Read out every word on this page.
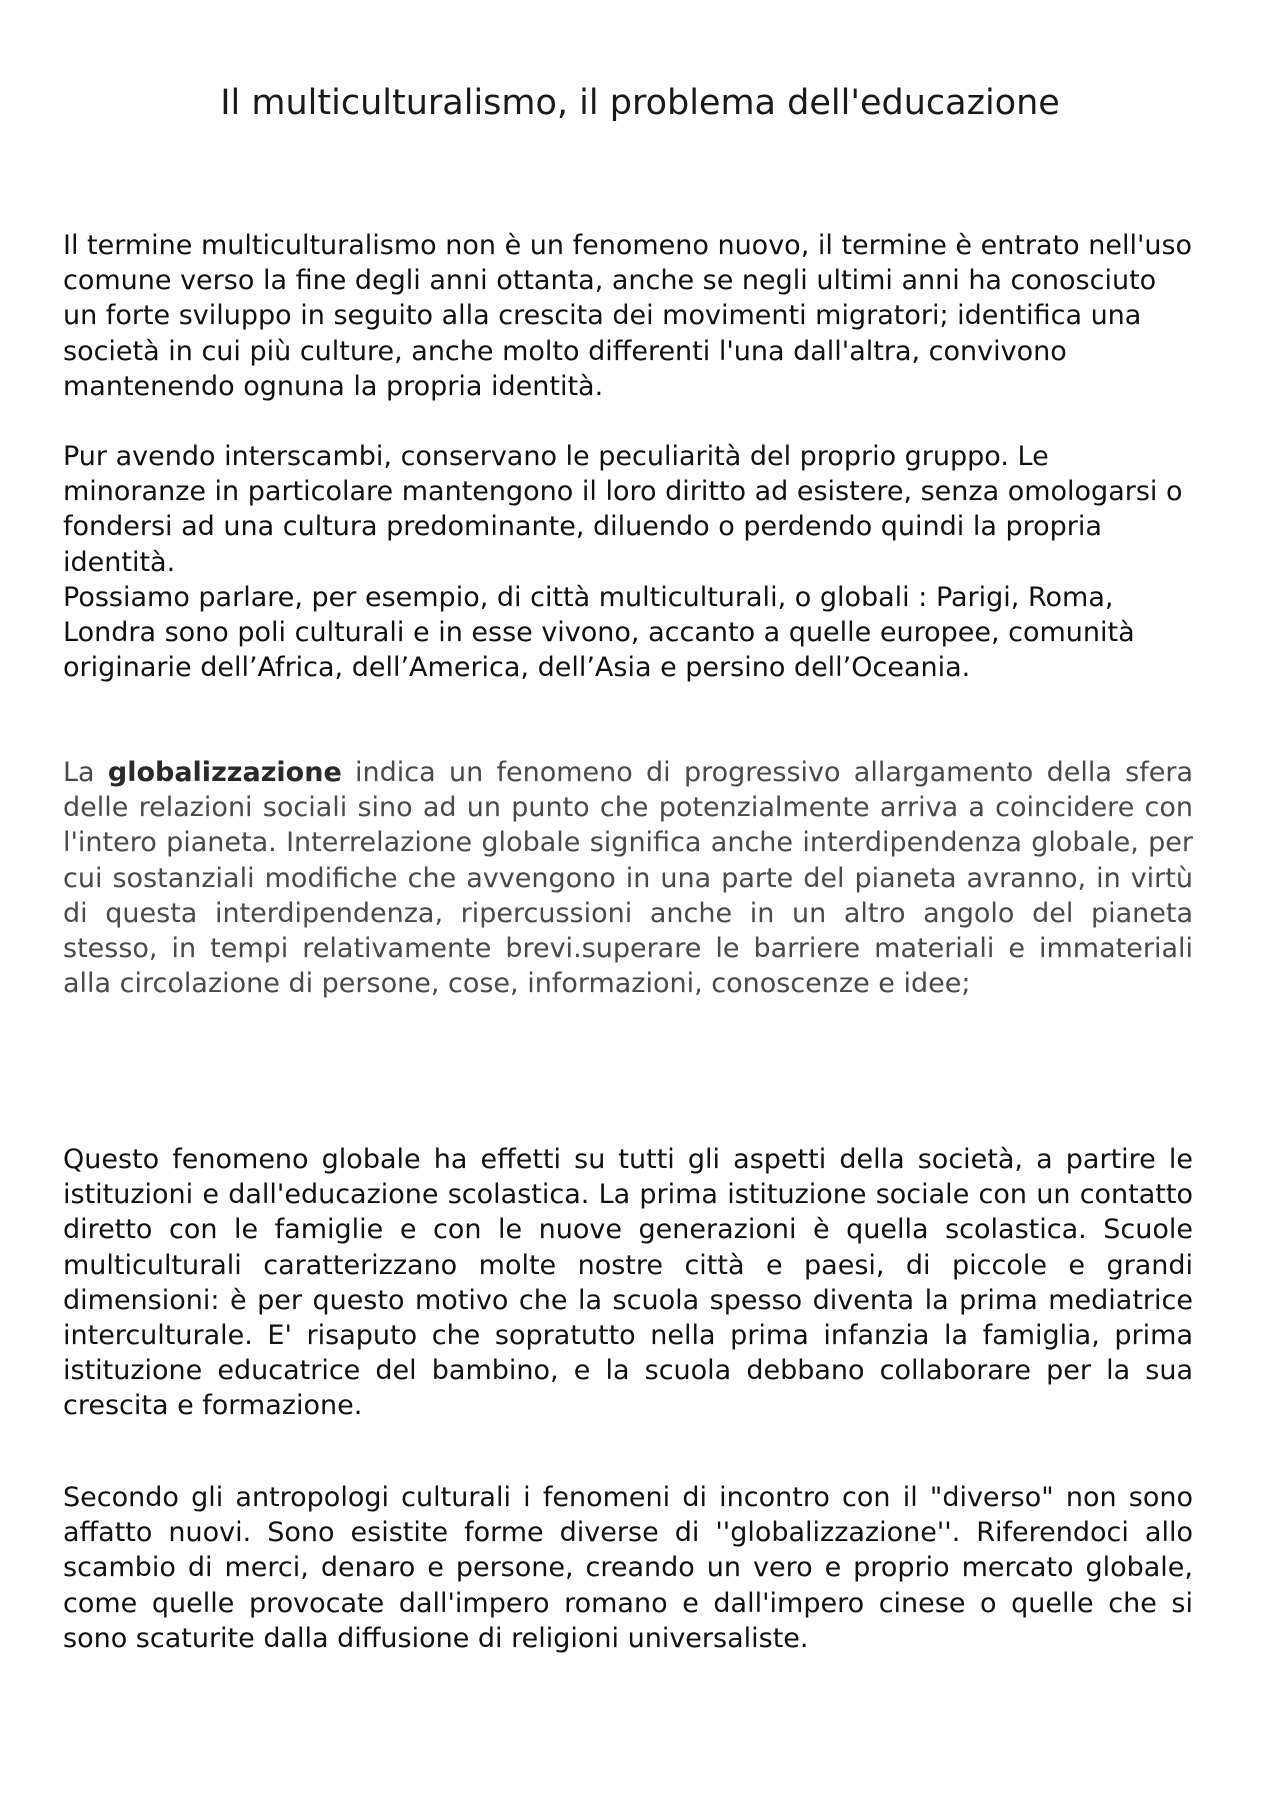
Il multiculturalismo, il problema dell'educazione

Il termine multiculturalismo non è un fenomeno nuovo, il termine è entrato nell'uso comune verso la fine degli anni ottanta, anche se negli ultimi anni ha conosciuto un forte sviluppo in seguito alla crescita dei movimenti migratori; identifica una società in cui più culture, anche molto differenti l'una dall'altra, convivono mantenendo ognuna la propria identità.

Pur avendo interscambi, conservano le peculiarità del proprio gruppo. Le minoranze in particolare mantengono il loro diritto ad esistere, senza omologarsi o fondersi ad una cultura predominante, diluendo o perdendo quindi la propria identità.
Possiamo parlare, per esempio, di città multiculturali, o globali : Parigi, Roma, Londra sono poli culturali e in esse vivono, accanto a quelle europee, comunità originarie dell’Africa, dell’America, dell’Asia e persino dell’Oceania.

La globalizzazione indica un fenomeno di progressivo allargamento della sfera delle relazioni sociali sino ad un punto che potenzialmente arriva a coincidere con l'intero pianeta. Interrelazione globale significa anche interdipendenza globale, per cui sostanziali modifiche che avvengono in una parte del pianeta avranno, in virtù di questa interdipendenza, ripercussioni anche in un altro angolo del pianeta stesso, in tempi relativamente brevi.superare le barriere materiali e immateriali alla circolazione di persone, cose, informazioni, conoscenze e idee;

Questo fenomeno globale ha effetti su tutti gli aspetti della società, a partire le istituzioni e dall'educazione scolastica. La prima istituzione sociale con un contatto diretto con le famiglie e con le nuove generazioni è quella scolastica. Scuole multiculturali caratterizzano molte nostre città e paesi, di piccole e grandi dimensioni: è per questo motivo che la scuola spesso diventa la prima mediatrice interculturale. E' risaputo che sopratutto nella prima infanzia la famiglia, prima istituzione educatrice del bambino, e la scuola debbano collaborare per la sua crescita e formazione.

Secondo gli antropologi culturali i fenomeni di incontro con il "diverso" non sono affatto nuovi. Sono esistite forme diverse di ''globalizzazione''. Riferendoci allo scambio di merci, denaro e persone, creando un vero e proprio mercato globale, come quelle provocate dall'impero romano e dall'impero cinese o quelle che si sono scaturite dalla diffusione di religioni universaliste.
